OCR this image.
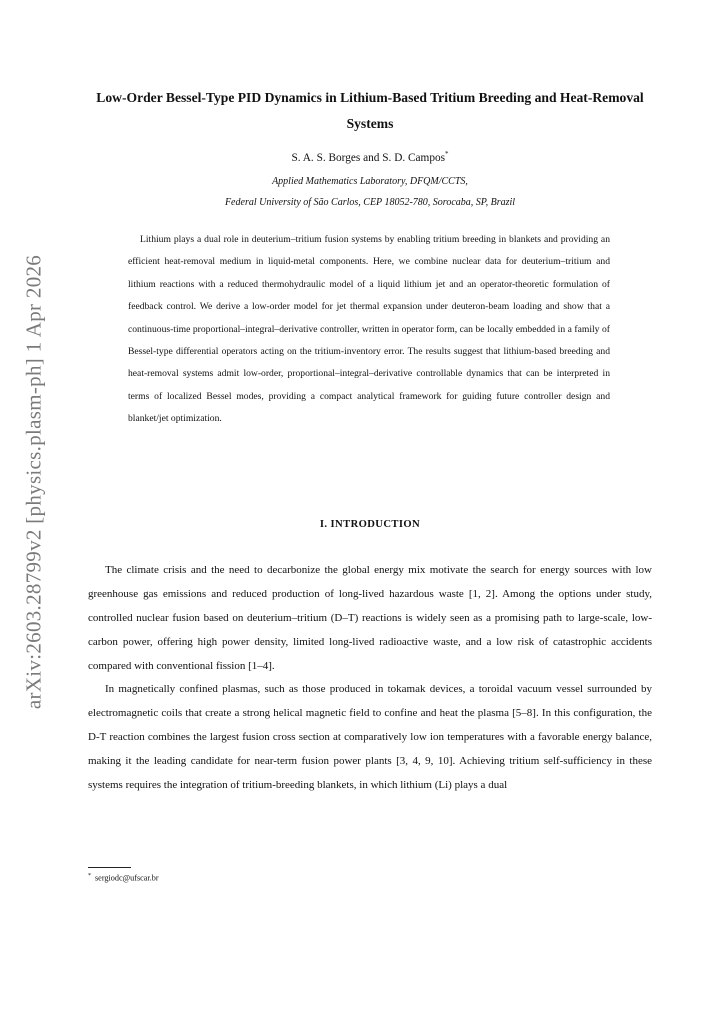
arXiv:2603.28799v2 [physics.plasm-ph] 1 Apr 2026
Low-Order Bessel-Type PID Dynamics in Lithium-Based Tritium Breeding and Heat-Removal Systems
S. A. S. Borges and S. D. Campos*
Applied Mathematics Laboratory, DFQM/CCTS,
Federal University of São Carlos, CEP 18052-780, Sorocaba, SP, Brazil
Lithium plays a dual role in deuterium–tritium fusion systems by enabling tritium breeding in blankets and providing an efficient heat-removal medium in liquid-metal components. Here, we combine nuclear data for deuterium–tritium and lithium reactions with a reduced thermohydraulic model of a liquid lithium jet and an operator-theoretic formulation of feedback control. We derive a low-order model for jet thermal expansion under deuteron-beam loading and show that a continuous-time proportional–integral–derivative controller, written in operator form, can be locally embedded in a family of Bessel-type differential operators acting on the tritium-inventory error. The results suggest that lithium-based breeding and heat-removal systems admit low-order, proportional–integral–derivative controllable dynamics that can be interpreted in terms of localized Bessel modes, providing a compact analytical framework for guiding future controller design and blanket/jet optimization.
I. INTRODUCTION

The climate crisis and the need to decarbonize the global energy mix motivate the search for energy sources with low greenhouse gas emissions and reduced production of long-lived hazardous waste [1, 2]. Among the options under study, controlled nuclear fusion based on deuterium–tritium (D–T) reactions is widely seen as a promising path to large-scale, low-carbon power, offering high power density, limited long-lived radioactive waste, and a low risk of catastrophic accidents compared with conventional fission [1–4].

In magnetically confined plasmas, such as those produced in tokamak devices, a toroidal vacuum vessel surrounded by electromagnetic coils that create a strong helical magnetic field to confine and heat the plasma [5–8]. In this configuration, the D-T reaction combines the largest fusion cross section at comparatively low ion temperatures with a favorable energy balance, making it the leading candidate for near-term fusion power plants [3, 4, 9, 10]. Achieving tritium self-sufficiency in these systems requires the integration of tritium-breeding blankets, in which lithium (Li) plays a dual

* sergiodc@ufscar.br
